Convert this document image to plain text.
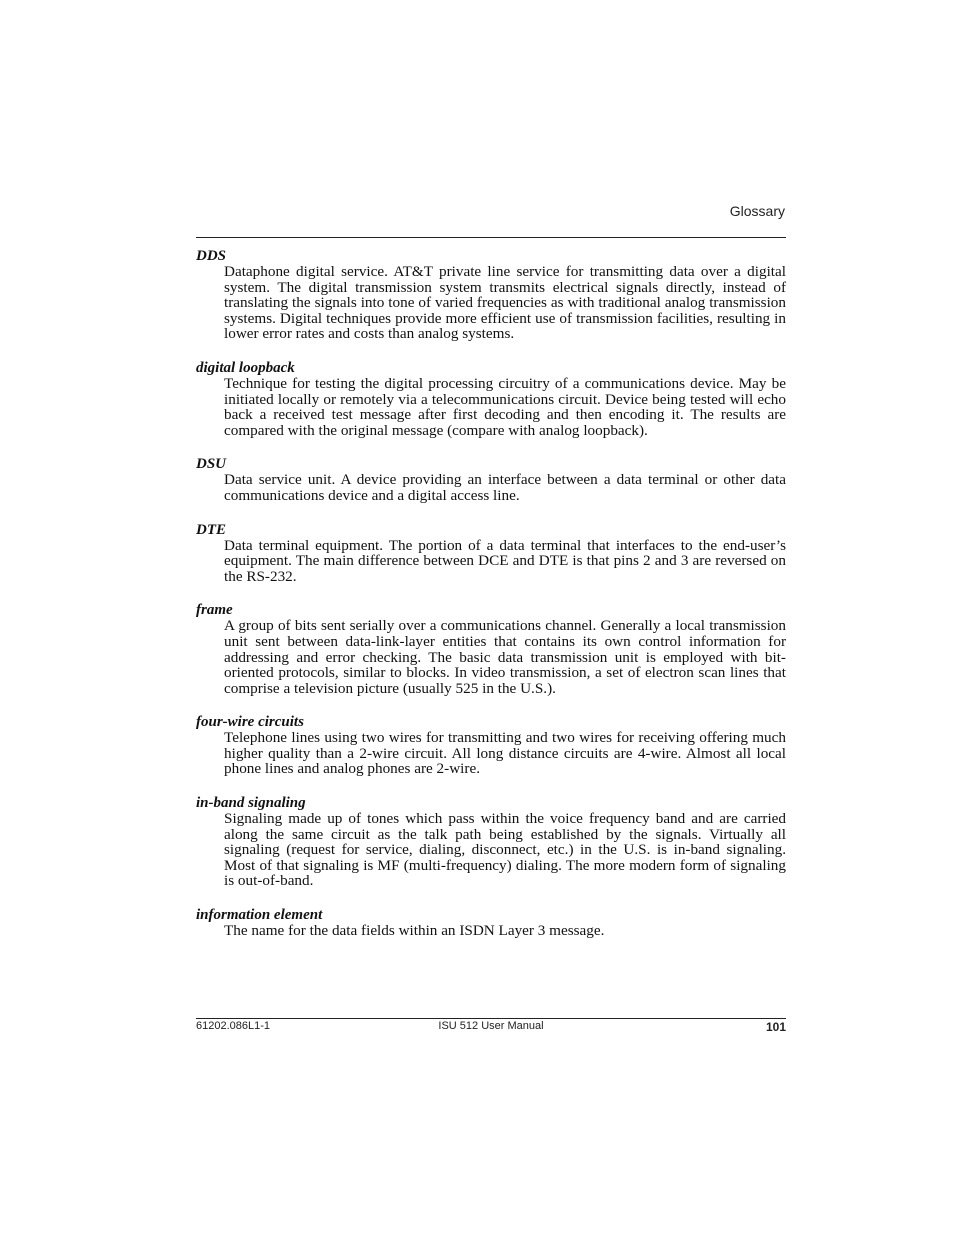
Glossary
DDS
Dataphone digital service. AT&T private line service for transmitting data over a digital system. The digital transmission system transmits electrical signals directly, instead of translating the signals into tone of varied frequencies as with traditional analog transmission systems. Digital techniques provide more efficient use of transmission facilities, resulting in lower error rates and costs than analog systems.
digital loopback
Technique for testing the digital processing circuitry of a communications device. May be initiated locally or remotely via a telecommunications circuit. Device being tested will echo back a received test message after first decoding and then encoding it. The results are compared with the original message (compare with analog loopback).
DSU
Data service unit. A device providing an interface between a data terminal or other data communications device and a digital access line.
DTE
Data terminal equipment. The portion of a data terminal that interfaces to the end-user’s equipment. The main difference between DCE and DTE is that pins 2 and 3 are reversed on the RS-232.
frame
A group of bits sent serially over a communications channel. Generally a local transmission unit sent between data-link-layer entities that contains its own control information for addressing and error checking. The basic data transmission unit is employed with bit-oriented protocols, similar to blocks. In video transmission, a set of electron scan lines that comprise a television picture (usually 525 in the U.S.).
four-wire circuits
Telephone lines using two wires for transmitting and two wires for receiving offering much higher quality than a 2-wire circuit. All long distance circuits are 4-wire. Almost all local phone lines and analog phones are 2-wire.
in-band signaling
Signaling made up of tones which pass within the voice frequency band and are carried along the same circuit as the talk path being established by the signals. Virtually all signaling (request for service, dialing, disconnect, etc.) in the U.S. is in-band signaling. Most of that signaling is MF (multi-frequency) dialing. The more modern form of signaling is out-of-band.
information element
The name for the data fields within an ISDN Layer 3 message.
61202.086L1-1	ISU 512 User Manual	101
